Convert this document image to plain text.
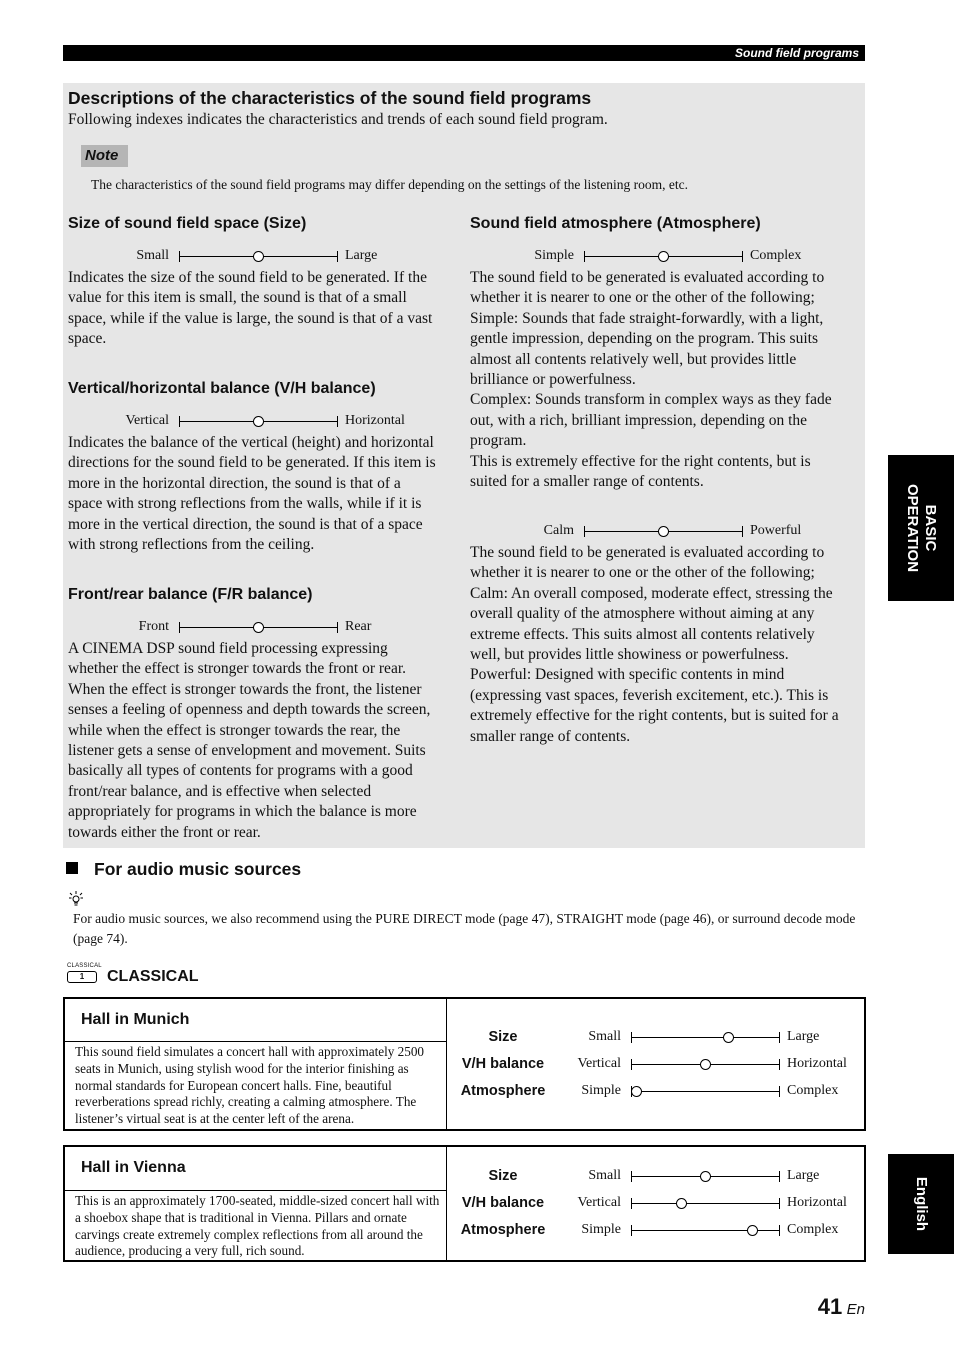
Sound field programs
Descriptions of the characteristics of the sound field programs
Following indexes indicates the characteristics and trends of each sound field program.
Note
The characteristics of the sound field programs may differ depending on the settings of the listening room, etc.
Size of sound field space (Size)
Small	Large
Indicates the size of the sound field to be generated. If the
value for this item is small, the sound is that of a small
space, while if the value is large, the sound is that of a vast
space.
Vertical/horizontal balance (V/H balance)
Vertical	Horizontal
Indicates the balance of the vertical (height) and horizontal
directions for the sound field to be generated. If this item is
more in the horizontal direction, the sound is that of a
space with strong reflections from the walls, while if it is
more in the vertical direction, the sound is that of a space
with strong reflections from the ceiling.
Front/rear balance (F/R balance)
Front	Rear
A CINEMA DSP sound field processing expressing
whether the effect is stronger towards the front or rear.
When the effect is stronger towards the front, the listener
senses a feeling of openness and depth towards the screen,
while when the effect is stronger towards the rear, the
listener gets a sense of envelopment and movement. Suits
basically all types of contents for programs with a good
front/rear balance, and is effective when selected
appropriately for programs in which the balance is more
towards either the front or rear.
Sound field atmosphere (Atmosphere)
Simple	Complex
The sound field to be generated is evaluated according to
whether it is nearer to one or the other of the following;
Simple: Sounds that fade straight-forwardly, with a light,
gentle impression, depending on the program. This suits
almost all contents relatively well, but provides little
brilliance or powerfulness.
Complex: Sounds transform in complex ways as they fade
out, with a rich, brilliant impression, depending on the
program.
This is extremely effective for the right contents, but is
suited for a smaller range of contents.
Calm	Powerful
The sound field to be generated is evaluated according to
whether it is nearer to one or the other of the following;
Calm: An overall composed, moderate effect, stressing the
overall quality of the atmosphere without aiming at any
extreme effects. This suits almost all contents relatively
well, but provides little showiness or powerfulness.
Powerful: Designed with specific contents in mind
(expressing vast spaces, feverish excitement, etc.). This is
extremely effective for the right contents, but is suited for a
smaller range of contents.
For audio music sources
For audio music sources, we also recommend using the PURE DIRECT mode (page 47), STRAIGHT mode (page 46), or surround decode mode (page 74).
CLASSICAL
1	CLASSICAL
Hall in Munich
This sound field simulates a concert hall with approximately 2500 seats in Munich, using stylish wood for the interior finishing as normal standards for European concert halls. Fine, beautiful reverberations spread richly, creating a calming atmosphere. The listener’s virtual seat is at the center left of the arena.
Size	Small	Large
V/H balance	Vertical	Horizontal
Atmosphere	Simple	Complex
Hall in Vienna
This is an approximately 1700-seated, middle-sized concert hall with a shoebox shape that is traditional in Vienna. Pillars and ornate carvings create extremely complex reflections from all around the audience, producing a very full, rich sound.
Size	Small	Large
V/H balance	Vertical	Horizontal
Atmosphere	Simple	Complex
BASIC
OPERATION
English
41 En
